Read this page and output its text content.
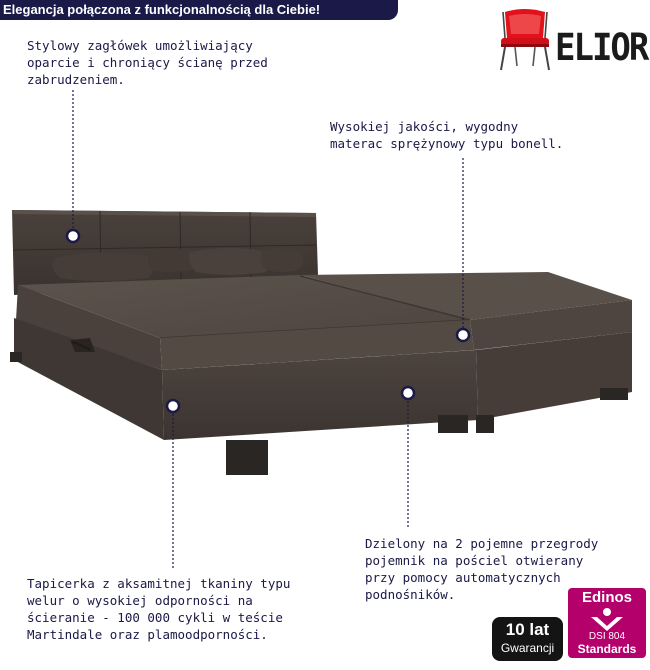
Elegancja połączona z funkcjonalnością dla Ciebie!
ELIOR
Stylowy zagłówek umożliwiający
oparcie i chroniący ścianę przed
zabrudzeniem.
Wysokiej jakości, wygodny
materac sprężynowy typu bonell.
Dzielony na 2 pojemne przegrody
pojemnik na pościel otwierany
przy pomocy automatycznych
podnośników.
Tapicerka z aksamitnej tkaniny typu
welur o wysokiej odporności na
ścieranie - 100 000 cykli w teście
Martindale oraz plamoodporności.	10 lat
Gwarancji
Edinos
DSI 804
Standards
